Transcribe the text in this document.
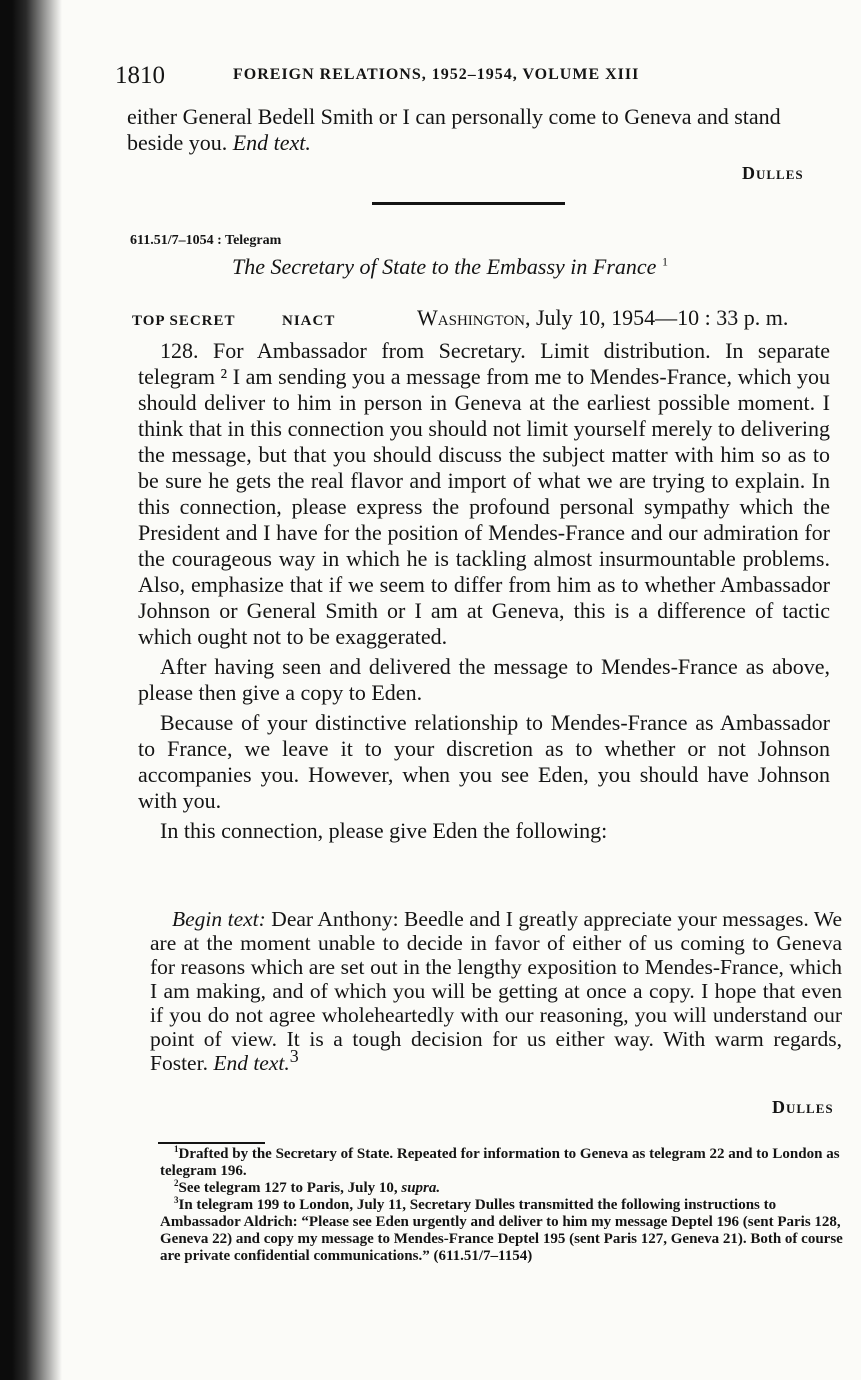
1810	FOREIGN RELATIONS, 1952–1954, VOLUME XIII
either General Bedell Smith or I can personally come to Geneva and stand beside you. End text.
Dulles
611.51/7–1054 : Telegram
The Secretary of State to the Embassy in France $^1$
TOP SECRET	NIACT	Washington, July 10, 1954—10 : 33 p. m.

128. For Ambassador from Secretary. Limit distribution. In separate telegram ² I am sending you a message from me to Mendes-France, which you should deliver to him in person in Geneva at the earliest possible moment. I think that in this connection you should not limit yourself merely to delivering the message, but that you should discuss the subject matter with him so as to be sure he gets the real flavor and import of what we are trying to explain. In this connection, please express the profound personal sympathy which the President and I have for the position of Mendes-France and our admiration for the courageous way in which he is tackling almost insurmountable problems. Also, emphasize that if we seem to differ from him as to whether Ambassador Johnson or General Smith or I am at Geneva, this is a difference of tactic which ought not to be exaggerated.

After having seen and delivered the message to Mendes-France as above, please then give a copy to Eden.

Because of your distinctive relationship to Mendes-France as Ambassador to France, we leave it to your discretion as to whether or not Johnson accompanies you. However, when you see Eden, you should have Johnson with you.

In this connection, please give Eden the following:

Begin text: Dear Anthony: Beedle and I greatly appreciate your messages. We are at the moment unable to decide in favor of either of us coming to Geneva for reasons which are set out in the lengthy exposition to Mendes-France, which I am making, and of which you will be getting at once a copy. I hope that even if you do not agree wholeheartedly with our reasoning, you will understand our point of view. It is a tough decision for us either way. With warm regards, Foster. End text.$^3$

Dulles

$^1$Drafted by the Secretary of State. Repeated for information to Geneva as telegram 22 and to London as telegram 196.

$^2$See telegram 127 to Paris, July 10, supra.

$^3$In telegram 199 to London, July 11, Secretary Dulles transmitted the following instructions to Ambassador Aldrich: “Please see Eden urgently and deliver to him my message Deptel 196 (sent Paris 128, Geneva 22) and copy my message to Mendes-France Deptel 195 (sent Paris 127, Geneva 21). Both of course are private confidential communications.” (611.51/7–1154)
